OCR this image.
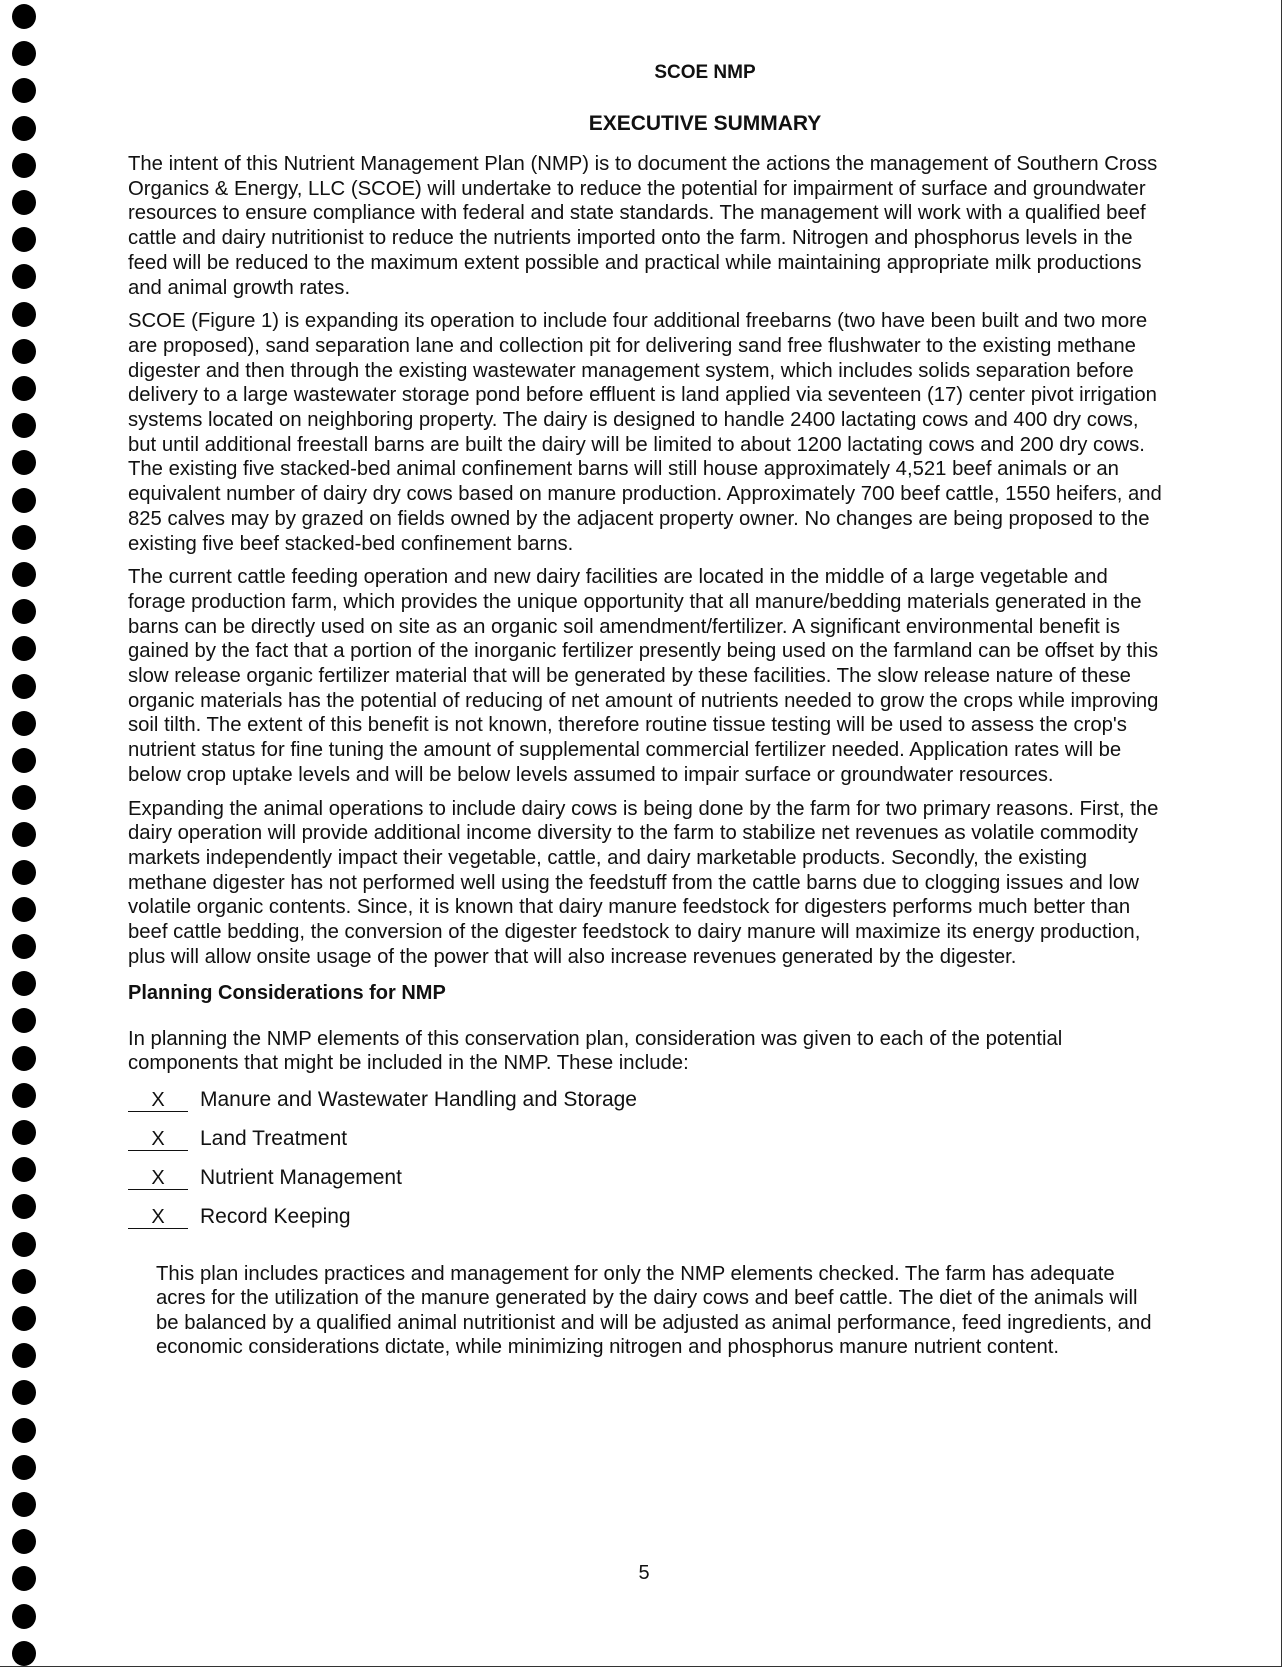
SCOE NMP
EXECUTIVE SUMMARY

The intent of this Nutrient Management Plan (NMP) is to document the actions the management of Southern Cross Organics & Energy, LLC (SCOE) will undertake to reduce the potential for impairment of surface and groundwater resources to ensure compliance with federal and state standards. The management will work with a qualified beef cattle and dairy nutritionist to reduce the nutrients imported onto the farm. Nitrogen and phosphorus levels in the feed will be reduced to the maximum extent possible and practical while maintaining appropriate milk productions and animal growth rates.

SCOE (Figure 1) is expanding its operation to include four additional freebarns (two have been built and two more are proposed), sand separation lane and collection pit for delivering sand free flushwater to the existing methane digester and then through the existing wastewater management system, which includes solids separation before delivery to a large wastewater storage pond before effluent is land applied via seventeen (17) center pivot irrigation systems located on neighboring property. The dairy is designed to handle 2400 lactating cows and 400 dry cows, but until additional freestall barns are built the dairy will be limited to about 1200 lactating cows and 200 dry cows. The existing five stacked-bed animal confinement barns will still house approximately 4,521 beef animals or an equivalent number of dairy dry cows based on manure production. Approximately 700 beef cattle, 1550 heifers, and 825 calves may by grazed on fields owned by the adjacent property owner. No changes are being proposed to the existing five beef stacked-bed confinement barns.

The current cattle feeding operation and new dairy facilities are located in the middle of a large vegetable and forage production farm, which provides the unique opportunity that all manure/bedding materials generated in the barns can be directly used on site as an organic soil amendment/fertilizer. A significant environmental benefit is gained by the fact that a portion of the inorganic fertilizer presently being used on the farmland can be offset by this slow release organic fertilizer material that will be generated by these facilities. The slow release nature of these organic materials has the potential of reducing of net amount of nutrients needed to grow the crops while improving soil tilth. The extent of this benefit is not known, therefore routine tissue testing will be used to assess the crop's nutrient status for fine tuning the amount of supplemental commercial fertilizer needed. Application rates will be below crop uptake levels and will be below levels assumed to impair surface or groundwater resources.

Expanding the animal operations to include dairy cows is being done by the farm for two primary reasons. First, the dairy operation will provide additional income diversity to the farm to stabilize net revenues as volatile commodity markets independently impact their vegetable, cattle, and dairy marketable products. Secondly, the existing methane digester has not performed well using the feedstuff from the cattle barns due to clogging issues and low volatile organic contents. Since, it is known that dairy manure feedstock for digesters performs much better than beef cattle bedding, the conversion of the digester feedstock to dairy manure will maximize its energy production, plus will allow onsite usage of the power that will also increase revenues generated by the digester.

Planning Considerations for NMP

In planning the NMP elements of this conservation plan, consideration was given to each of the potential components that might be included in the NMP. These include:

X	Manure and Wastewater Handling and Storage
X	Land Treatment
X	Nutrient Management
X	Record Keeping

This plan includes practices and management for only the NMP elements checked. The farm has adequate acres for the utilization of the manure generated by the dairy cows and beef cattle. The diet of the animals will be balanced by a qualified animal nutritionist and will be adjusted as animal performance, feed ingredients, and economic considerations dictate, while minimizing nitrogen and phosphorus manure nutrient content.

5
